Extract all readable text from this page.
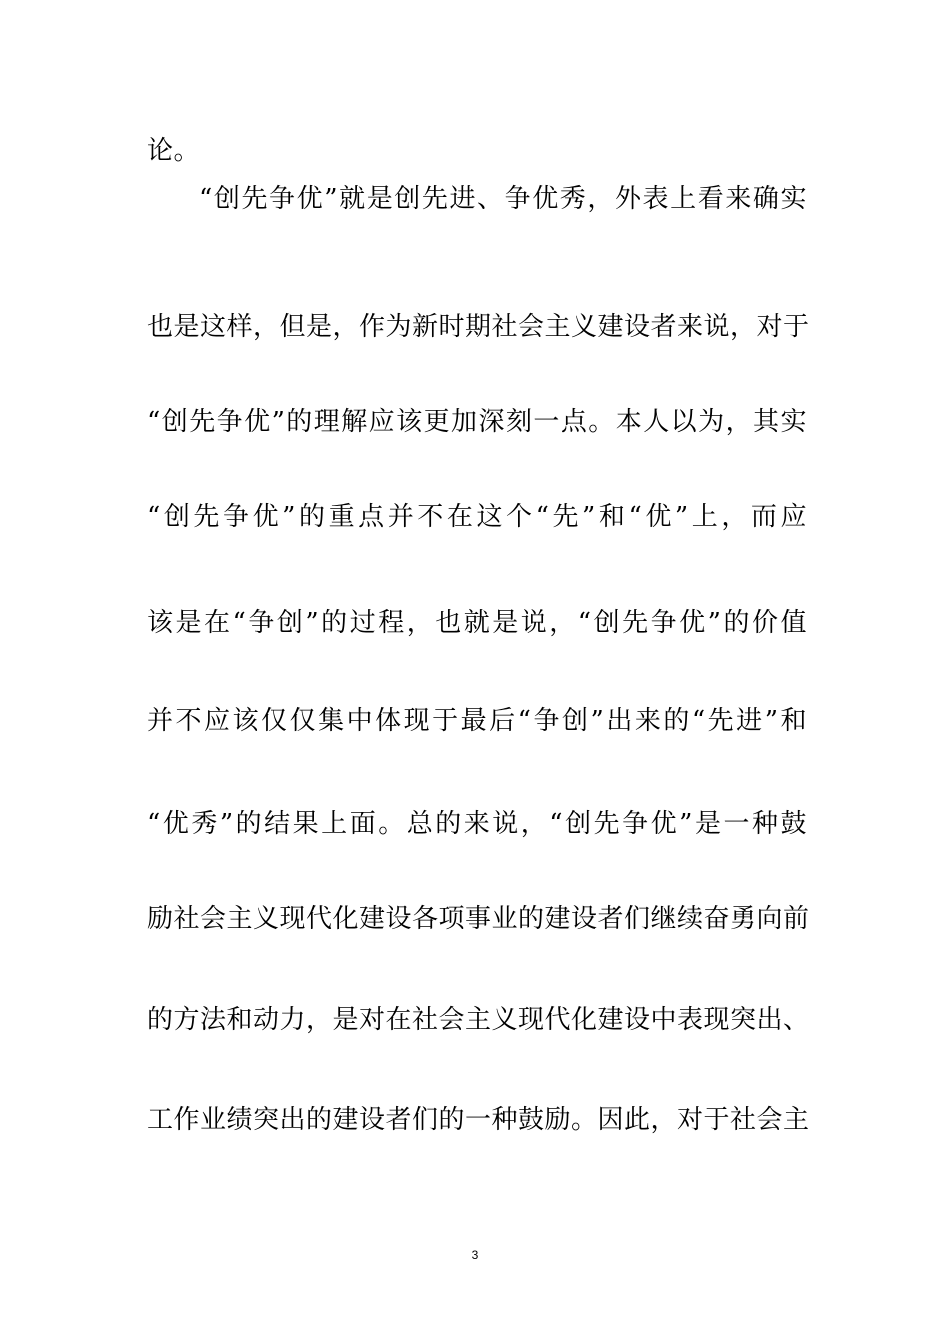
论。
“创先争优”就是创先进、争优秀，外表上看来确实
也是这样，但是，作为新时期社会主义建设者来说，对于
“创先争优”的理解应该更加深刻一点。本人以为，其实
“创先争优”的重点并不在这个“先”和“优”上，而应
该是在“争创”的过程，也就是说，“创先争优”的价值
并不应该仅仅集中体现于最后“争创”出来的“先进”和
“优秀”的结果上面。总的来说，“创先争优”是一种鼓
励社会主义现代化建设各项事业的建设者们继续奋勇向前
的方法和动力，是对在社会主义现代化建设中表现突出、
工作业绩突出的建设者们的一种鼓励。因此，对于社会主
3
